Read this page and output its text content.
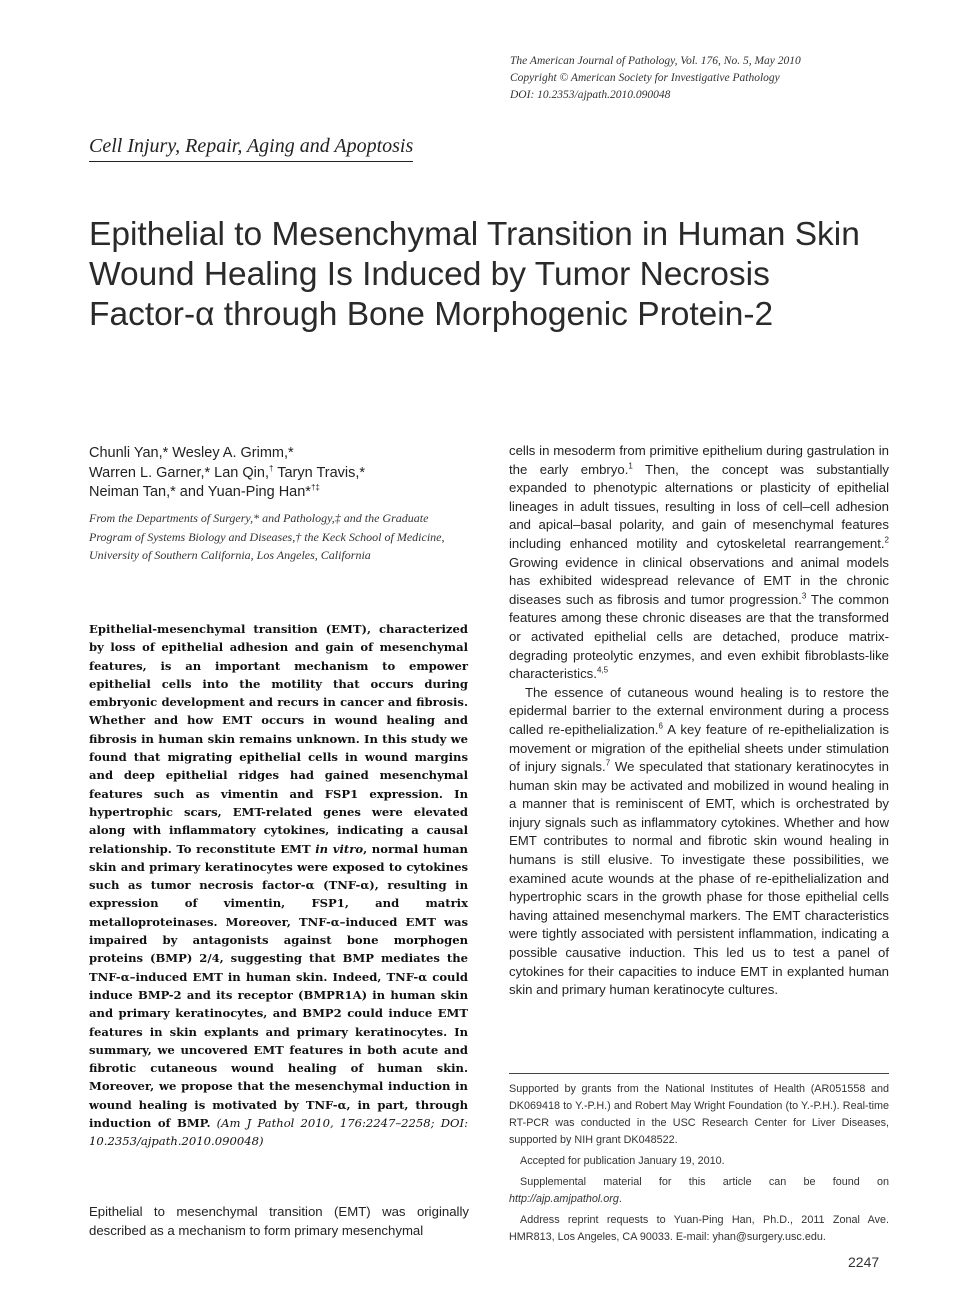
The American Journal of Pathology, Vol. 176, No. 5, May 2010
Copyright © American Society for Investigative Pathology
DOI: 10.2353/ajpath.2010.090048
Cell Injury, Repair, Aging and Apoptosis
Epithelial to Mesenchymal Transition in Human Skin
Wound Healing Is Induced by Tumor Necrosis
Factor-α through Bone Morphogenic Protein-2
Chunli Yan,* Wesley A. Grimm,*
Warren L. Garner,* Lan Qin,† Taryn Travis,*
Neiman Tan,* and Yuan-Ping Han*†‡
From the Departments of Surgery,* and Pathology,‡ and the Graduate Program of Systems Biology and Diseases,† the Keck School of Medicine, University of Southern California, Los Angeles, California
Epithelial-mesenchymal transition (EMT), characterized by loss of epithelial adhesion and gain of mesenchymal features, is an important mechanism to empower epithelial cells into the motility that occurs during embryonic development and recurs in cancer and fibrosis. Whether and how EMT occurs in wound healing and fibrosis in human skin remains unknown. In this study we found that migrating epithelial cells in wound margins and deep epithelial ridges had gained mesenchymal features such as vimentin and FSP1 expression. In hypertrophic scars, EMT-related genes were elevated along with inflammatory cytokines, indicating a causal relationship. To reconstitute EMT in vitro, normal human skin and primary keratinocytes were exposed to cytokines such as tumor necrosis factor-α (TNF-α), resulting in expression of vimentin, FSP1, and matrix metalloproteinases. Moreover, TNF-α–induced EMT was impaired by antagonists against bone morphogen proteins (BMP) 2/4, suggesting that BMP mediates the TNF-α–induced EMT in human skin. Indeed, TNF-α could induce BMP-2 and its receptor (BMPR1A) in human skin and primary keratinocytes, and BMP2 could induce EMT features in skin explants and primary keratinocytes. In summary, we uncovered EMT features in both acute and fibrotic cutaneous wound healing of human skin. Moreover, we propose that the mesenchymal induction in wound healing is motivated by TNF-α, in part, through induction of BMP. (Am J Pathol 2010, 176:2247–2258; DOI: 10.2353/ajpath.2010.090048)

Epithelial to mesenchymal transition (EMT) was originally described as a mechanism to form primary mesenchymal

cells in mesoderm from primitive epithelium during gastrulation in the early embryo.$^1$ Then, the concept was substantially expanded to phenotypic alternations or plasticity of epithelial lineages in adult tissues, resulting in loss of cell–cell adhesion and apical–basal polarity, and gain of mesenchymal features including enhanced motility and cytoskeletal rearrangement.$^2$ Growing evidence in clinical observations and animal models has exhibited widespread relevance of EMT in the chronic diseases such as fibrosis and tumor progression.$^3$ The common features among these chronic diseases are that the transformed or activated epithelial cells are detached, produce matrix-degrading proteolytic enzymes, and even exhibit fibroblasts-like characteristics.$^{4,5}$

The essence of cutaneous wound healing is to restore the epidermal barrier to the external environment during a process called re-epithelialization.$^6$ A key feature of re-epithelialization is movement or migration of the epithelial sheets under stimulation of injury signals.$^7$ We speculated that stationary keratinocytes in human skin may be activated and mobilized in wound healing in a manner that is reminiscent of EMT, which is orchestrated by injury signals such as inflammatory cytokines. Whether and how EMT contributes to normal and fibrotic skin wound healing in humans is still elusive. To investigate these possibilities, we examined acute wounds at the phase of re-epithelialization and hypertrophic scars in the growth phase for those epithelial cells having attained mesenchymal markers. The EMT characteristics were tightly associated with persistent inflammation, indicating a possible causative induction. This led us to test a panel of cytokines for their capacities to induce EMT in explanted human skin and primary human keratinocyte cultures.

Supported by grants from the National Institutes of Health (AR051558 and DK069418 to Y.-P.H.) and Robert May Wright Foundation (to Y.-P.H.). Real-time RT-PCR was conducted in the USC Research Center for Liver Diseases, supported by NIH grant DK048522.

Accepted for publication January 19, 2010.

Supplemental material for this article can be found on http://ajp.amjpathol.org.

Address reprint requests to Yuan-Ping Han, Ph.D., 2011 Zonal Ave. HMR813, Los Angeles, CA 90033. E-mail: yhan@surgery.usc.edu.

2247
